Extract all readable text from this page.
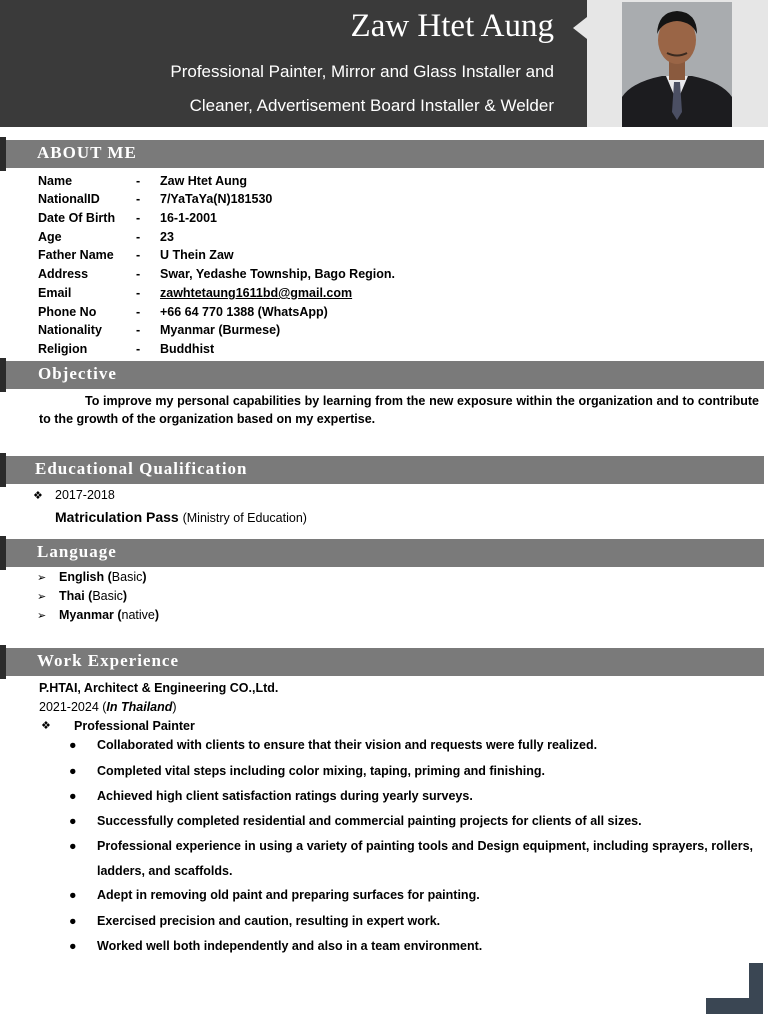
Zaw Htet Aung
Professional Painter, Mirror and Glass Installer and
Cleaner, Advertisement Board Installer & Welder
ABOUT ME
Name	- Zaw Htet Aung
NationalID	- 7/YaTaYa(N)181530
Date Of Birth - 16-1-2001
Age	- 23
Father Name - U Thein Zaw
Address	- Swar, Yedashe Township, Bago Region.
Email	- zawhtetaung1611bd@gmail.com
Phone No	- +66 64 770 1388 (WhatsApp)
Nationality	- Myanmar (Burmese)
Religion	- Buddhist
Objective
To improve my personal capabilities by learning from the new exposure within the organization and to contribute to the growth of the organization based on my expertise.
Educational Qualification
❖ 2017-2018
Matriculation Pass (Ministry of Education)
Language
➢ English (Basic)
➢ Thai (Basic)
➢ Myanmar (native)
Work Experience
P.HTAI, Architect & Engineering CO.,Ltd.
2021-2024 (In Thailand)
❖ Professional Painter
● Collaborated with clients to ensure that their vision and requests were fully realized.
● Completed vital steps including color mixing, taping, priming and finishing.
● Achieved high client satisfaction ratings during yearly surveys.
● Successfully completed residential and commercial painting projects for clients of all sizes.
● Professional experience in using a variety of painting tools and Design equipment, including sprayers, rollers, ladders, and scaffolds.
● Adept in removing old paint and preparing surfaces for painting.
● Exercised precision and caution, resulting in expert work.
● Worked well both independently and also in a team environment.
